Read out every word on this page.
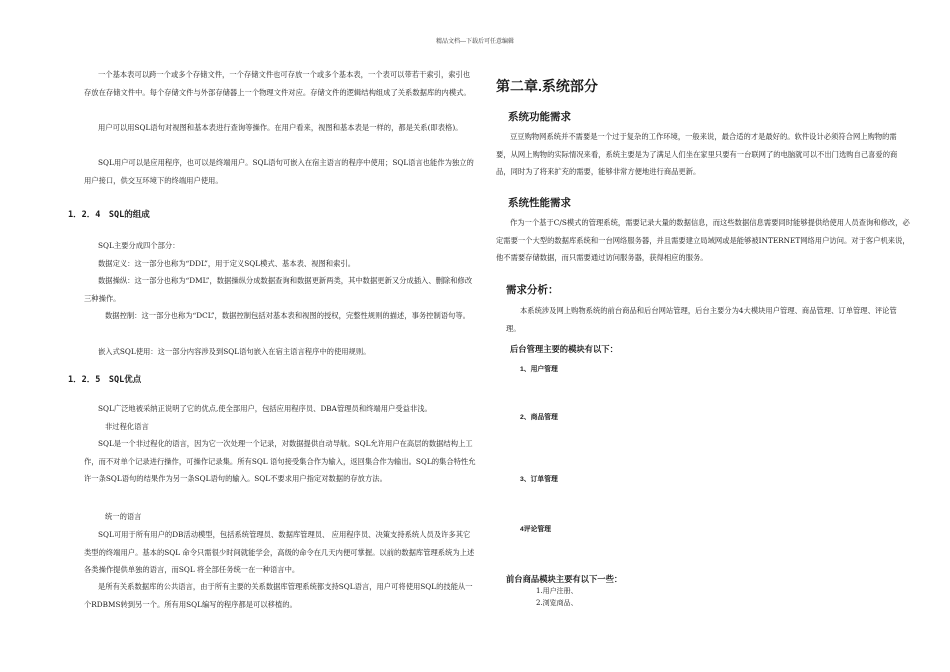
精品文档---下载后可任意编辑

一个基本表可以跨一个或多个存储文件，一个存储文件也可存放一个或多个基本表，一个表可以带若干索引，索引也存放在存储文件中。每个存储文件与外部存储器上一个物理文件对应。存储文件的逻辑结构组成了关系数据库的内模式。

用户可以用SQL语句对视图和基本表进行查询等操作。在用户看来，视图和基本表是一样的，都是关系(即表格)。

SQL用户可以是应用程序，也可以是终端用户。SQL语句可嵌入在宿主语言的程序中使用；SQL语言也能作为独立的用户接口，供交互环境下的终端用户使用。

1．2．4　SQL的组成

SQL主要分成四个部分：

数据定义：这一部分也称为“DDL”，用于定义SQL模式、基本表、视图和索引。

数据操纵：这一部分也称为“DML”，数据操纵分成数据查询和数据更新两类，其中数据更新又分成插入、删除和修改三种操作。

数据控制：这一部分也称为“DCL”，数据控制包括对基本表和视图的授权，完整性规则的描述，事务控制语句等。

嵌入式SQL使用：这一部分内容涉及到SQL语句嵌入在宿主语言程序中的使用规则。

1．2．5　SQL优点

SQL广泛地被采纳正说明了它的优点,使全部用户，包括应用程序员、DBA管理员和终端用户受益非浅。

非过程化语言

SQL是一个非过程化的语言，因为它一次处理一个记录，对数据提供自动导航。SQL允许用户在高层的数据结构上工作，而不对单个记录进行操作，可操作记录集。所有SQL 语句接受集合作为输入，返回集合作为输出。SQL的集合特性允许一条SQL语句的结果作为另一条SQL语句的输入。SQL不要求用户指定对数据的存放方法。

统一的语言

SQL可用于所有用户的DB活动模型，包括系统管理员、数据库管理员、 应用程序员、决策支持系统人员及许多其它类型的终端用户。基本的SQL 命令只需很少时间就能学会，高级的命令在几天内便可掌握。以前的数据库管理系统为上述各类操作提供单独的语言，而SQL 将全部任务统一在一种语言中。

是所有关系数据库的公共语言，由于所有主要的关系数据库管理系统都支持SQL语言，用户可将使用SQL的技能从一个RDBMS转到另一个。所有用SQL编写的程序都是可以移植的。

第二章.系统部分
系统功能需求

豆豆购物网系统并不需要是一个过于复杂的工作环境，一般来说，最合适的才是最好的。软件设计必须符合网上购物的需要，从网上购物的实际情况来看，系统主要是为了满足人们坐在家里只要有一台联网了的电脑就可以不出门选购自己喜爱的商品，同时为了将来扩充的需要，能够非常方便地进行商品更新。

系统性能需求

作为一个基于C/S模式的管理系统，需要记录大量的数据信息，而这些数据信息需要同时能够提供给使用人员查询和修改，必定需要一个大型的数据库系统和一台网络服务器，并且需要建立局域网或是能够被INTERNET网络用户访问。对于客户机来说，他不需要存储数据，而只需要通过访问服务器，获得相应的服务。

需求分析：

本系统涉及网上购物系统的前台商品和后台网站管理，后台主要分为4大模块用户管理、商品管理、订单管理、评论管理。

后台管理主要的模块有以下：
1、用户管理
2、商品管理
3、订单管理
4评论管理
前台商品模块主要有以下一些：
1.用户注册、
2.浏览商品、
